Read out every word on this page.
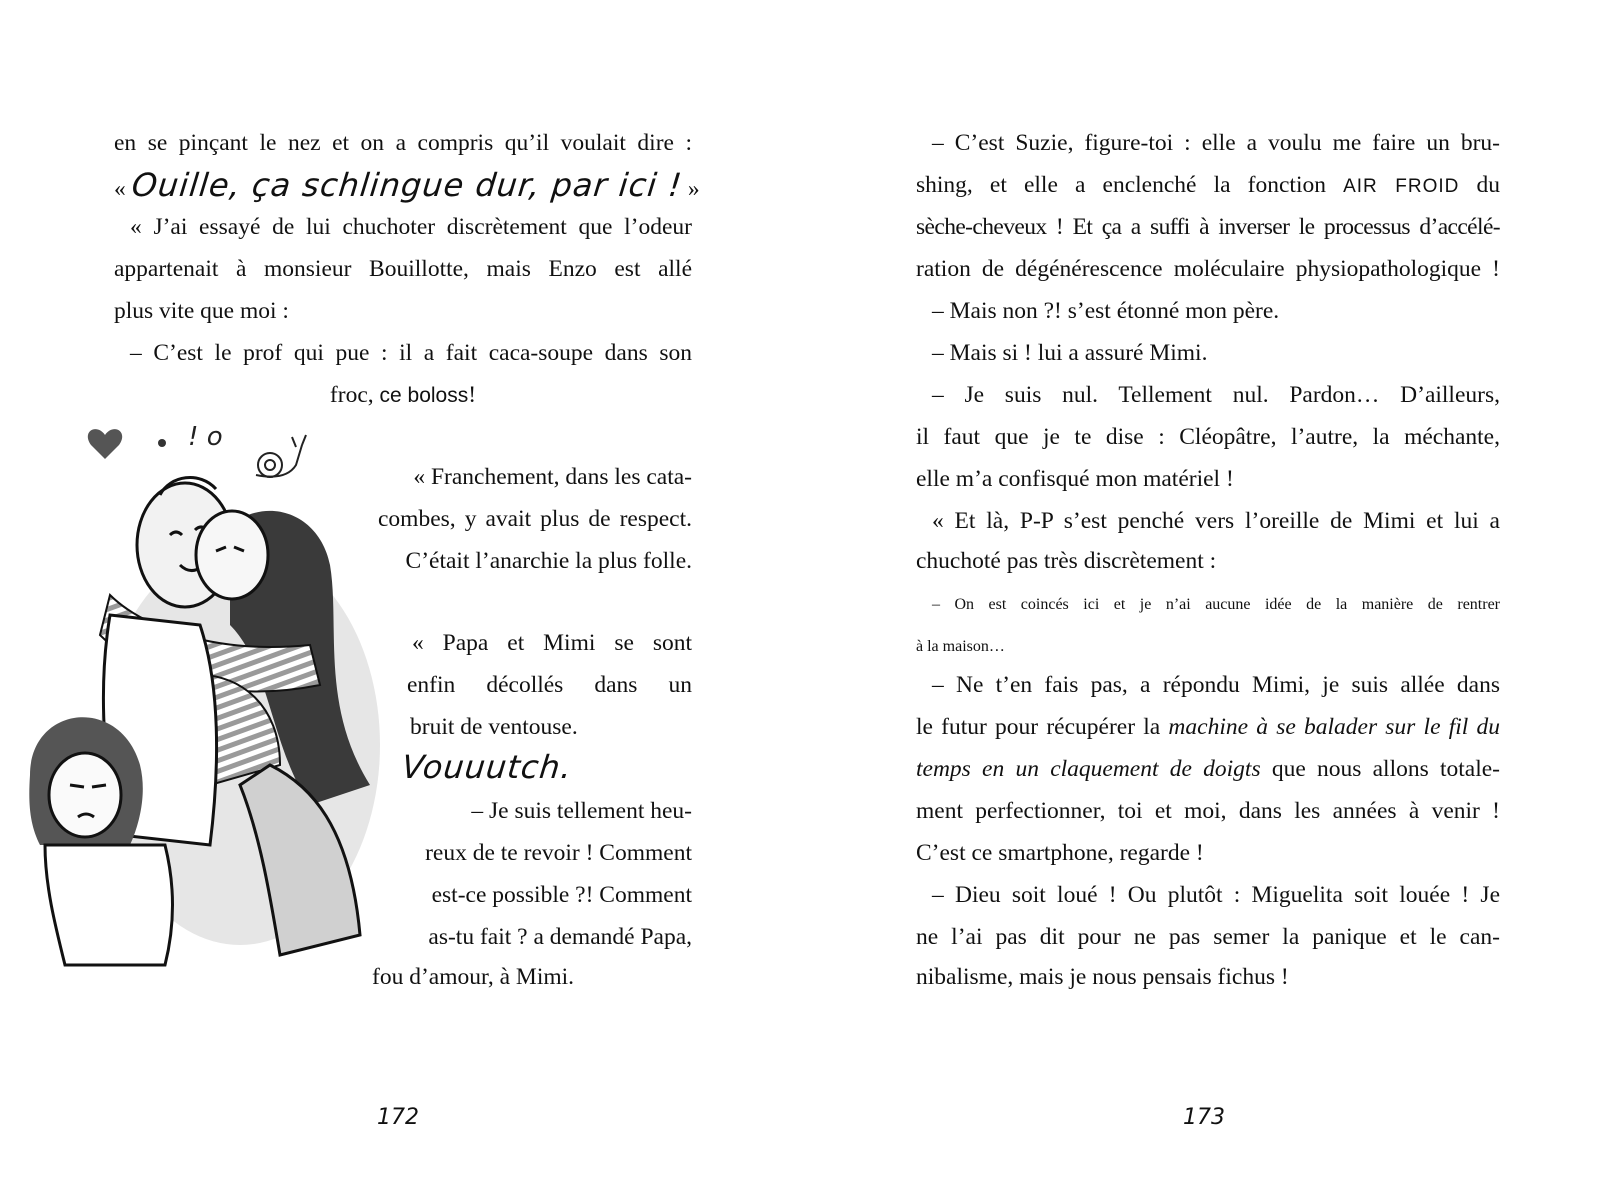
en se pinçant le nez et on a compris qu’il voulait dire :
« Ouille, ça schlingue dur, par ici ! »
« J’ai essayé de lui chuchoter discrètement que l’odeur
appartenait à monsieur Bouillotte, mais Enzo est allé
plus vite que moi :
– C’est le prof qui pue : il a fait caca-soupe dans son
froc, ce boloss!
! o
« Franchement, dans les cata-
combes, y avait plus de respect.
C’était l’anarchie la plus folle.
« Papa et Mimi se sont
enfin décollés dans un
bruit de ventouse.
Vouuutch.
– Je suis tellement heu-
reux de te revoir ! Comment
est-ce possible ?! Comment
as-tu fait ? a demandé Papa,
fou d’amour, à Mimi.
172
– C’est Suzie, figure-toi : elle a voulu me faire un bru-
shing, et elle a enclenché la fonction AIR FROID du
sèche-cheveux ! Et ça a suffi à inverser le processus d’accélé-
ration de dégénérescence moléculaire physiopathologique !
– Mais non ?! s’est étonné mon père.
– Mais si ! lui a assuré Mimi.
– Je suis nul. Tellement nul. Pardon… D’ailleurs,
il faut que je te dise : Cléopâtre, l’autre, la méchante,
elle m’a confisqué mon matériel !
« Et là, P-P s’est penché vers l’oreille de Mimi et lui a
chuchoté pas très discrètement :
– On est coincés ici et je n’ai aucune idée de la manière de rentrer
à la maison…
– Ne t’en fais pas, a répondu Mimi, je suis allée dans
le futur pour récupérer la machine à se balader sur le fil du
temps en un claquement de doigts que nous allons totale-
ment perfectionner, toi et moi, dans les années à venir !
C’est ce smartphone, regarde !
– Dieu soit loué ! Ou plutôt : Miguelita soit louée ! Je
ne l’ai pas dit pour ne pas semer la panique et le can-
nibalisme, mais je nous pensais fichus !
173
